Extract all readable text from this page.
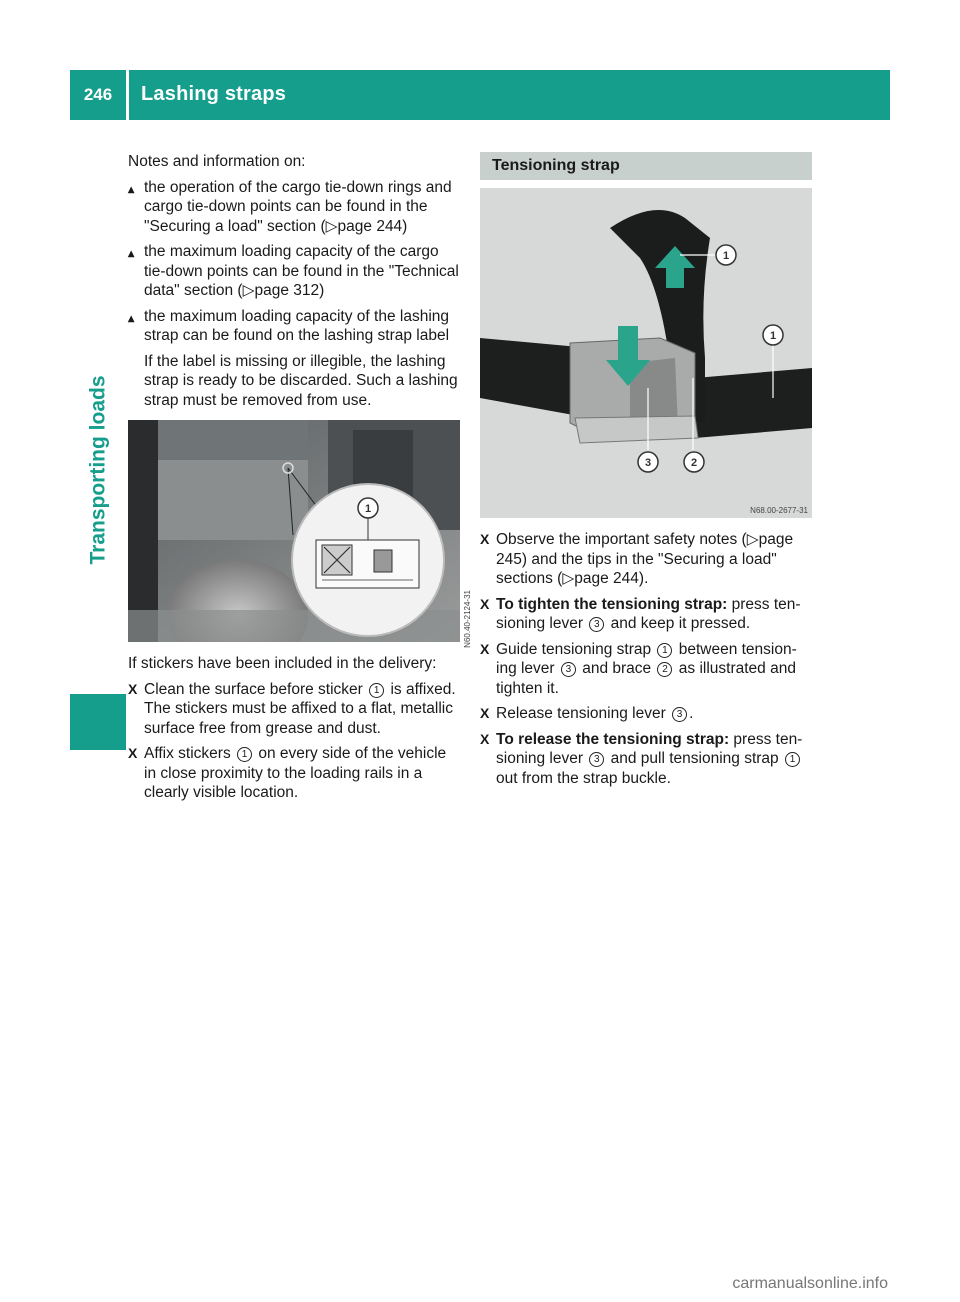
246	Lashing straps
Transporting loads

Notes and information on:

▶ the operation of the cargo tie-down rings and cargo tie-down points can be found in the "Securing a load" section (▷page 244)
▶ the maximum loading capacity of the cargo tie-down points can be found in the "Technical data" section (▷page 312)
▶ the maximum loading capacity of the lashing strap can be found on the lashing strap label

If the label is missing or illegible, the lashing strap is ready to be discarded. Such a lashing strap must be removed from use.

1
N60.40-2124-31

If stickers have been included in the delivery:

X Clean the surface before sticker 1 is affixed. The stickers must be affixed to a flat, metallic surface free from grease and dust.
X Affix stickers 1 on every side of the vehicle in close proximity to the loading rails in a clearly visible location.
Tensioning strap
1
1
2
3
N68.00-2677-31
X Observe the important safety notes (▷page 245) and the tips in the "Securing a load" sections (▷page 244).
X To tighten the tensioning strap: press ten-sioning lever 3 and keep it pressed.
X Guide tensioning strap 1 between tension-ing lever 3 and brace 2 as illustrated and tighten it.
X Release tensioning lever 3 .
X To release the tensioning strap: press ten-sioning lever 3 and pull tensioning strap 1 out from the strap buckle.
carmanualsonline.info
